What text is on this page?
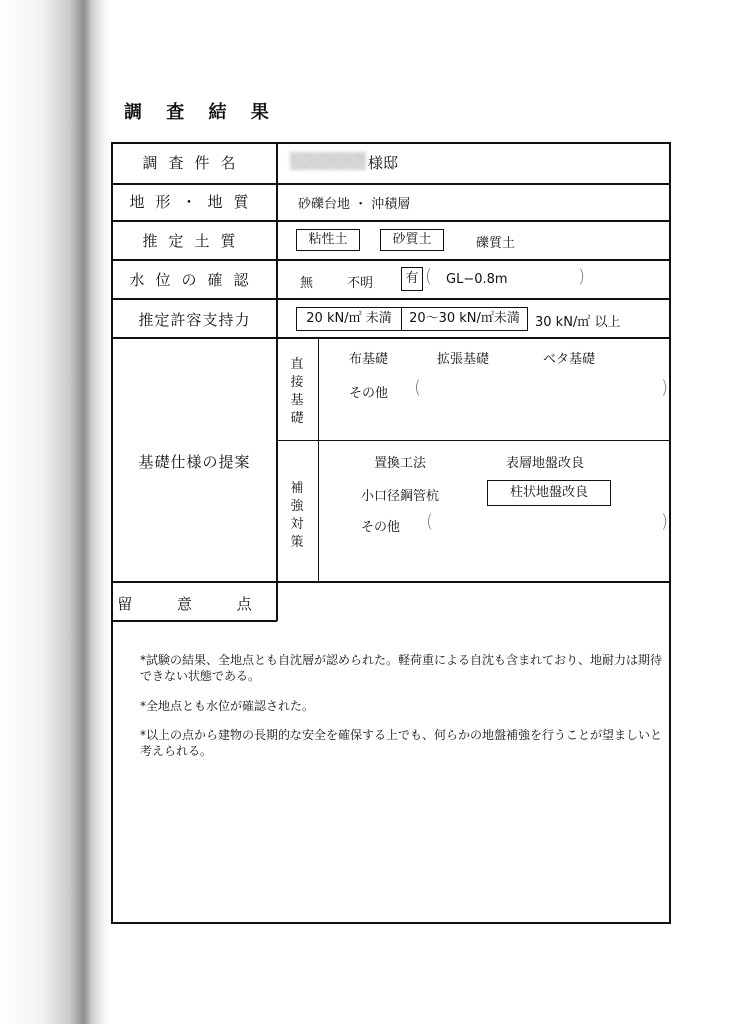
調 査 結 果
調査件名	様邸
地形・地質	砂礫台地 ・ 沖積層
推定土質	粘性土	砂質土	礫質土
水位の確認	無	不明	有 ( GL−0.8m	)
推定許容支持力	20 kN/㎡ 未満	20〜30 kN/㎡未満	30 kN/㎡ 以上
基礎仕様の提案
直接基礎
布基礎	拡張基礎	ベタ基礎
その他 (	)
補強対策
置換工法	表層地盤改良
小口径鋼管杭	柱状地盤改良
その他 (	)
留 意 点
*試験の結果、全地点とも自沈層が認められた。軽荷重による自沈も含まれており、地耐力は期待できない状態である。
*全地点とも水位が確認された。
*以上の点から建物の長期的な安全を確保する上でも、何らかの地盤補強を行うことが望ましいと考えられる。
